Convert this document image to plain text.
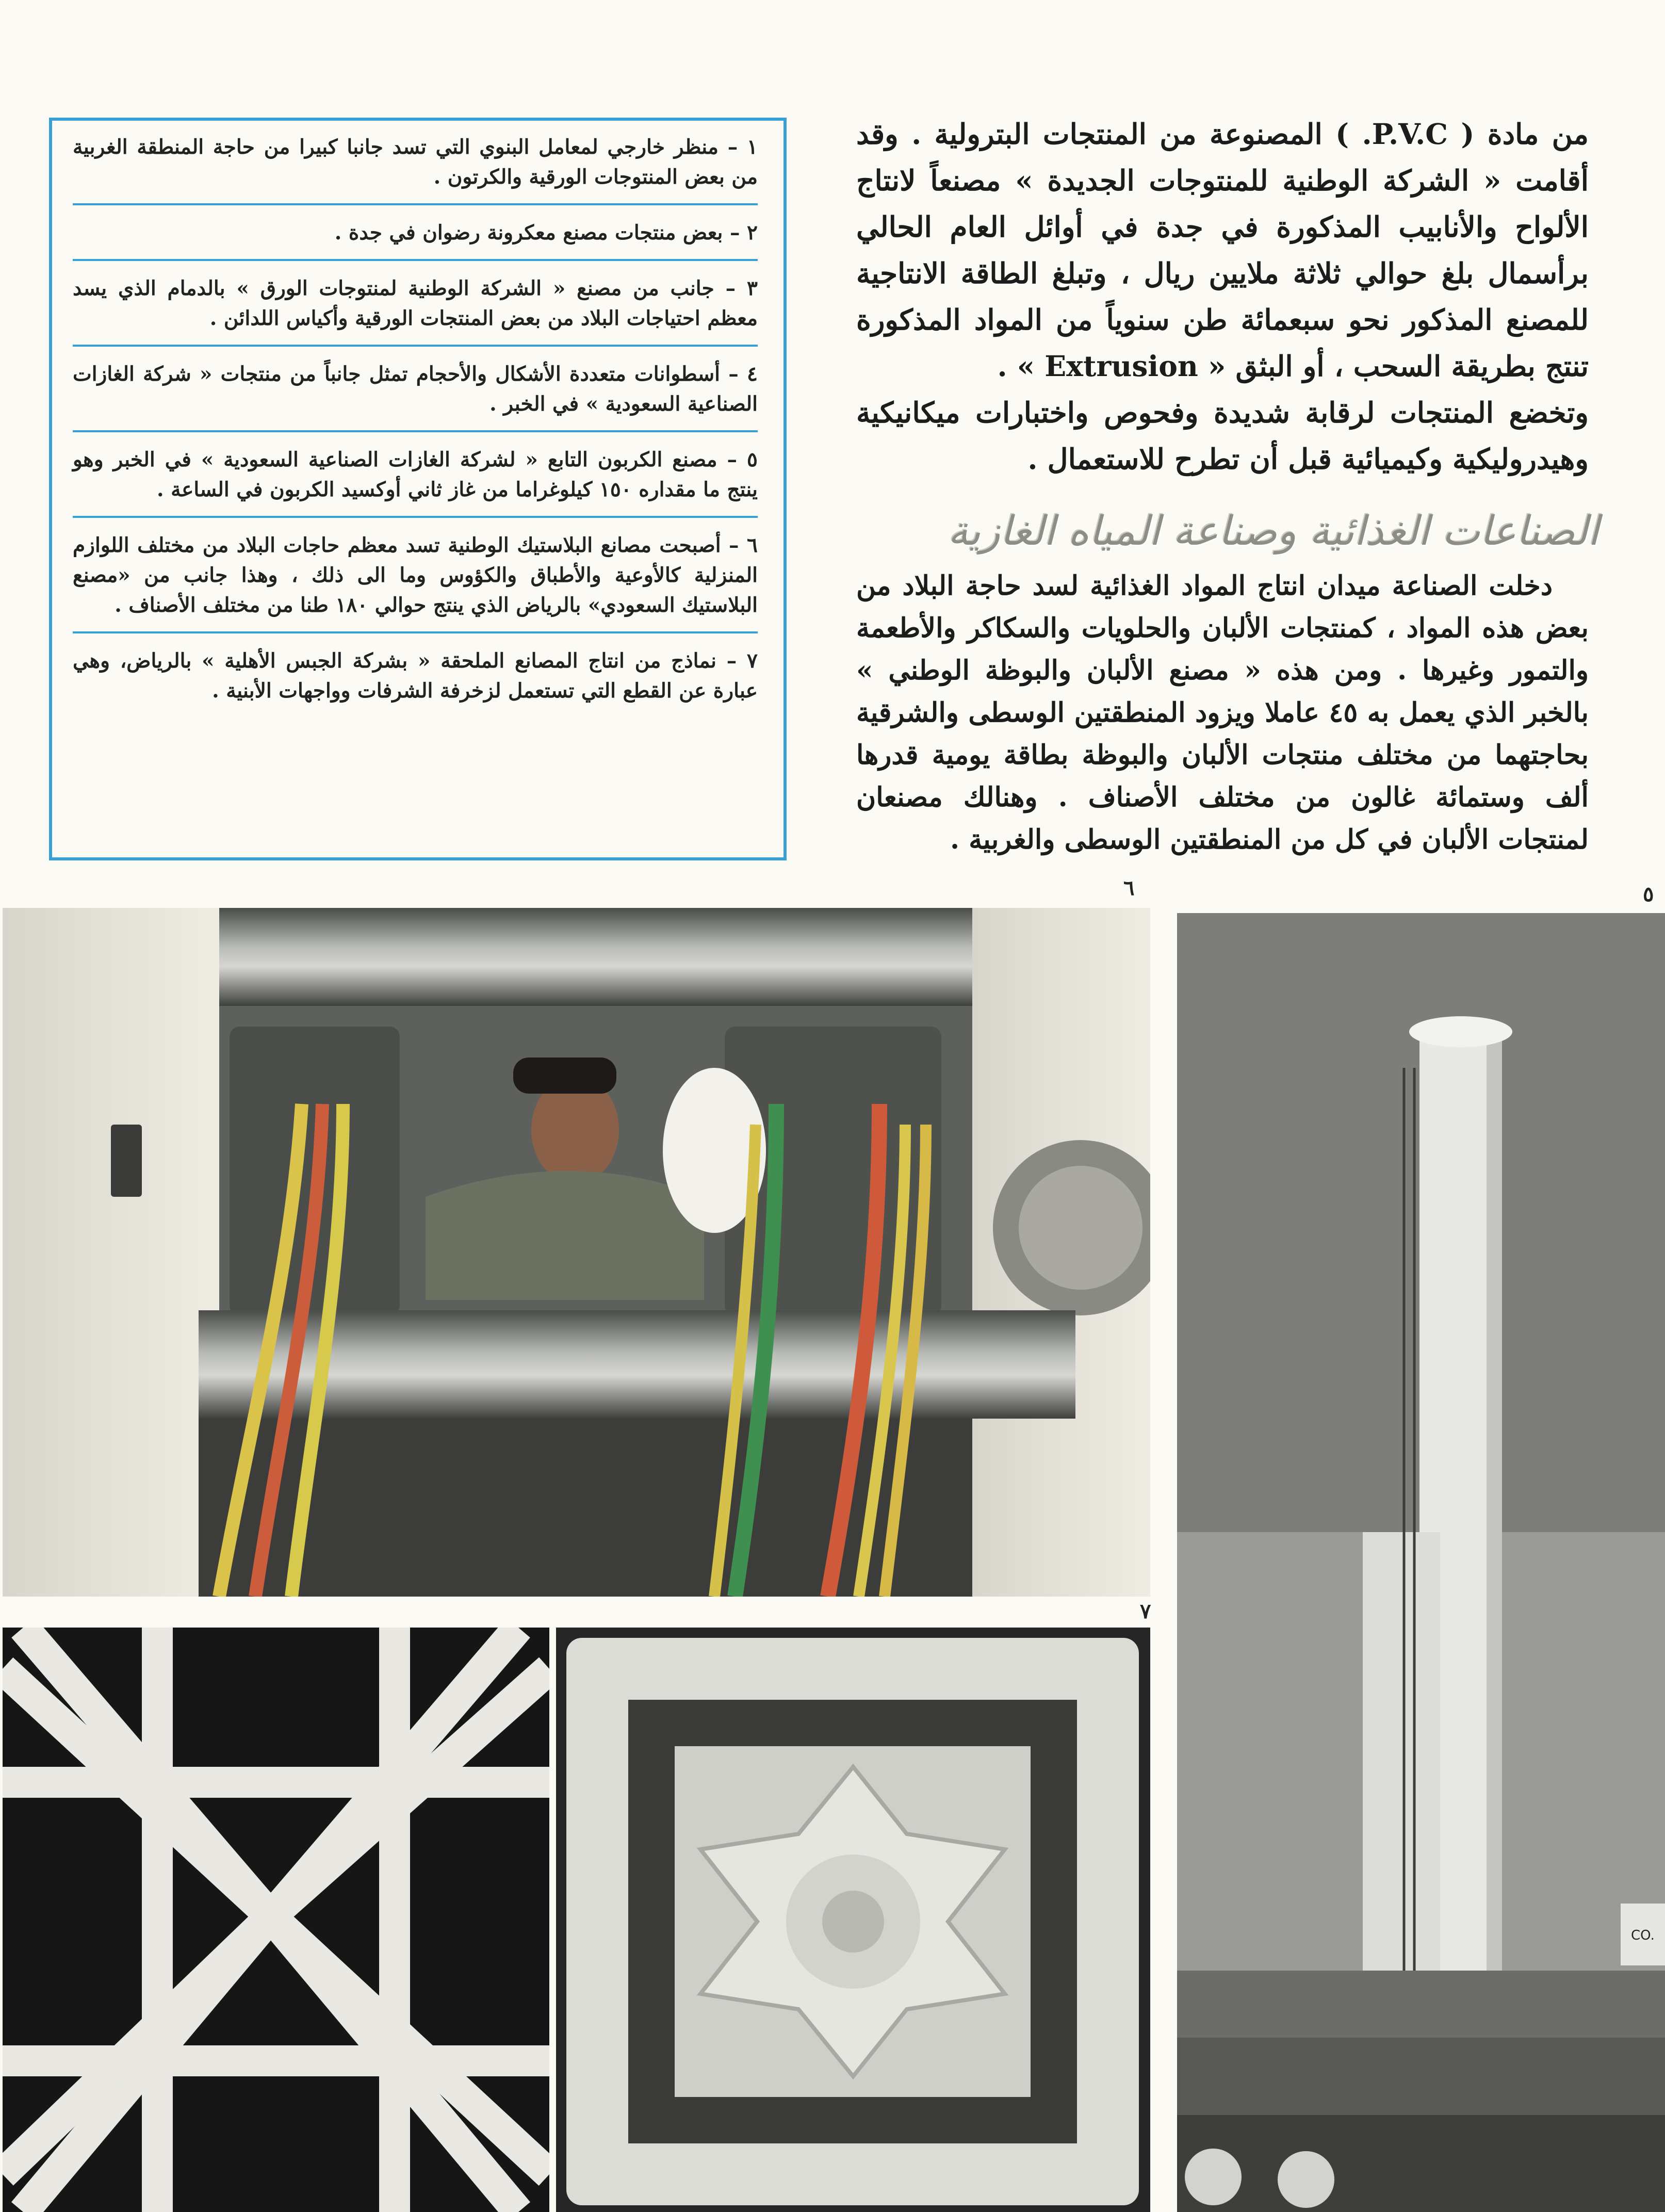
من مادة ( P.V.C. ) المصنوعة من المنتجات البترولية . وقد أقامت « الشركة الوطنية للمنتوجات الجديدة » مصنعاً لانتاج الألواح والأنابيب المذكورة في جدة في أوائل العام الحالي برأسمال بلغ حوالي ثلاثة ملايين ريال ، وتبلغ الطاقة الانتاجية للمصنع المذكور نحو سبعمائة طن سنوياً من المواد المذكورة تنتج بطريقة السحب ، أو البثق « Extrusion » .

وتخضع المنتجات لرقابة شديدة وفحوص واختبارات ميكانيكية وهيدروليكية وكيميائية قبل أن تطرح للاستعمال .

الصناعات الغذائية وصناعة المياه الغازية

دخلت الصناعة ميدان انتاج المواد الغذائية لسد حاجة البلاد من بعض هذه المواد ، كمنتجات الألبان والحلويات والسكاكر والأطعمة والتمور وغيرها . ومن هذه « مصنع الألبان والبوظة الوطني » بالخبر الذي يعمل به ٤٥ عاملا ويزود المنطقتين الوسطى والشرقية بحاجتهما من مختلف منتجات الألبان والبوظة بطاقة يومية قدرها ألف وستمائة غالون من مختلف الأصناف . وهنالك مصنعان لمنتجات الألبان في كل من المنطقتين الوسطى والغربية .

١ – منظر خارجي لمعامل البنوي التي تسد جانبا كبيرا من حاجة المنطقة الغربية من بعض المنتوجات الورقية والكرتون .
٢ – بعض منتجات مصنع معكرونة رضوان في جدة .
٣ – جانب من مصنع « الشركة الوطنية لمنتوجات الورق » بالدمام الذي يسد معظم احتياجات البلاد من بعض المنتجات الورقية وأكياس اللدائن .
٤ – أسطوانات متعددة الأشكال والأحجام تمثل جانباً من منتجات « شركة الغازات الصناعية السعودية » في الخبر .
٥ – مصنع الكربون التابع « لشركة الغازات الصناعية السعودية » في الخبر وهو ينتج ما مقداره ١٥٠ كيلوغراما من غاز ثاني أوكسيد الكربون في الساعة .
٦ – أصبحت مصانع البلاستيك الوطنية تسد معظم حاجات البلاد من مختلف اللوازم المنزلية كالأوعية والأطباق والكؤوس وما الى ذلك ، وهذا جانب من «مصنع البلاستيك السعودي» بالرياض الذي ينتج حوالي ١٨٠ طنا من مختلف الأصناف .
٧ – نماذج من انتاج المصانع الملحقة « بشركة الجبس الأهلية » بالرياض، وهي عبارة عن القطع التي تستعمل لزخرفة الشرفات وواجهات الأبنية .
٦	٥
٧
CO.
